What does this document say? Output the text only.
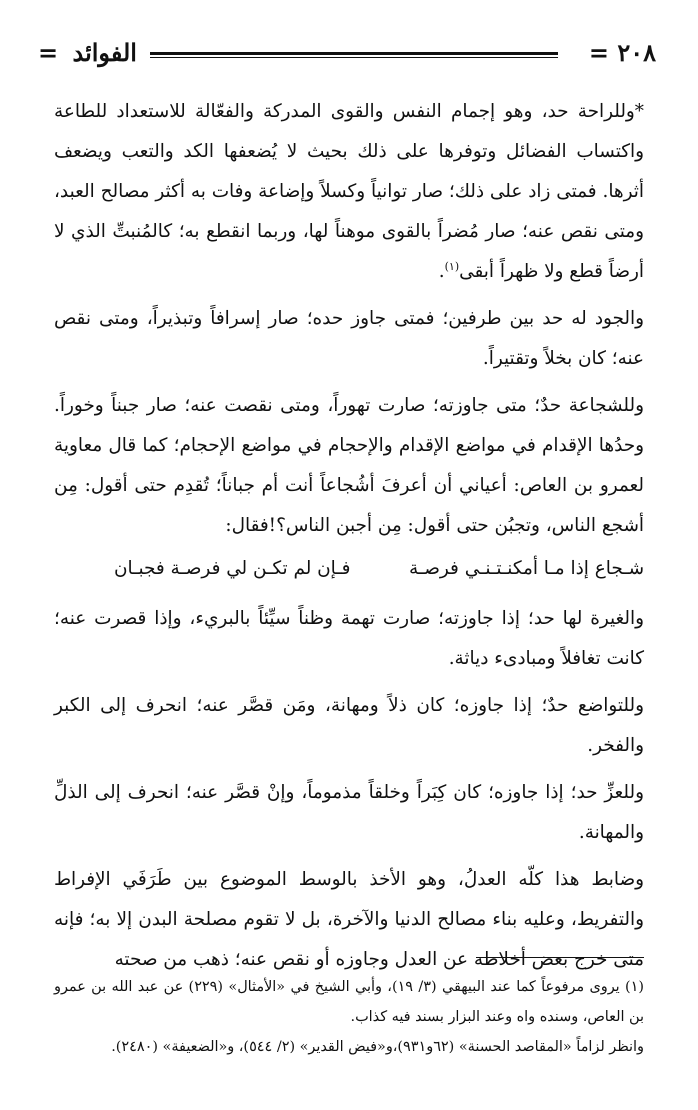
٢٠٨ =
الفوائد =

*وللراحة حد، وهو إجمام النفس والقوى المدركة والفعّالة للاستعداد للطاعة واكتساب الفضائل وتوفرها على ذلك بحيث لا يُضعفها الكد والتعب ويضعف أثرها. فمتى زاد على ذلك؛ صار توانياً وكسلاً وإضاعة وفات به أكثر مصالح العبد، ومتى نقص عنه؛ صار مُضراً بالقوى موهناً لها، وربما انقطع به؛ كالمُنبتِّ الذي لا أرضاً قطع ولا ظهراً أبقى$^{(١)}$.

والجود له حد بين طرفين؛ فمتى جاوز حده؛ صار إسرافاً وتبذيراً، ومتى نقص عنه؛ كان بخلاً وتقتيراً.

وللشجاعة حدٌ؛ متى جاوزته؛ صارت تهوراً، ومتى نقصت عنه؛ صار جبناً وخوراً. وحدُها الإقدام في مواضع الإقدام والإحجام في مواضع الإحجام؛ كما قال معاوية لعمرو بن العاص: أعياني أن أعرفَ أشُجاعاً أنت أم جباناً؛ تُقدِم حتى أقول: مِن أشجع الناس، وتجبُن حتى أقول: مِن أجبن الناس؟!فقال:

شـجاع إذا مـا أمكنـتـنـي فرصـة
فـإن لم تكـن لي فرصـة فجبـان

والغيرة لها حد؛ إذا جاوزته؛ صارت تهمة وظناً سيِّئاً بالبريء، وإذا قصرت عنه؛ كانت تغافلاً ومبادىء دياثة.

وللتواضع حدٌ؛ إذا جاوزه؛ كان ذلاً ومهانة، ومَن قصَّر عنه؛ انحرف إلى الكبر والفخر.

وللعزِّ حد؛ إذا جاوزه؛ كان كِبَراً وخلقاً مذموماً، وإنْ قصَّر عنه؛ انحرف إلى الذلِّ والمهانة.

وضابط هذا كلّه العدلُ، وهو الأخذ بالوسط الموضوع بين طَرَفَي الإفراط والتفريط، وعليه بناء مصالح الدنيا والآخرة، بل لا تقوم مصلحة البدن إلا به؛ فإنه متى خرج بعض أخلاطه عن العدل وجاوزه أو نقص عنه؛ ذهب من صحته

(١) يروى مرفوعاً كما عند البيهقي (٣/ ١٩)، وأبي الشيخ في «الأمثال» (٢٢٩) عن عبد الله بن عمرو بن العاص، وسنده واه وعند البزار بسند فيه كذاب.

وانظر لزاماً «المقاصد الحسنة» (٦٢و٩٣١)،و«فيض القدير» (٢/ ٥٤٤)، و«الضعيفة» (٢٤٨٠).
